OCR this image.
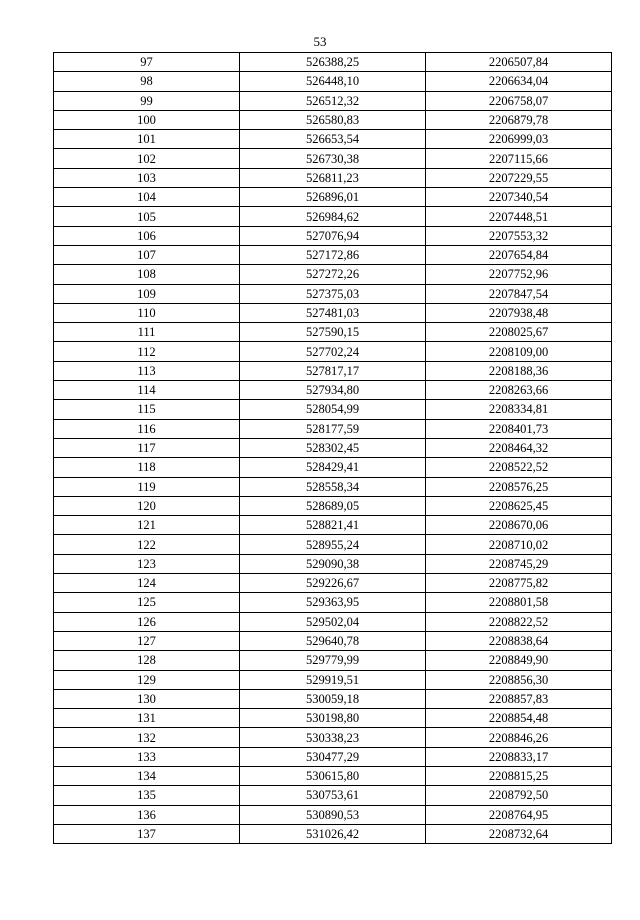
53
97	526388,25	2206507,84
98	526448,10	2206634,04
99	526512,32	2206758,07
100	526580,83	2206879,78
101	526653,54	2206999,03
102	526730,38	2207115,66
103	526811,23	2207229,55
104	526896,01	2207340,54
105	526984,62	2207448,51
106	527076,94	2207553,32
107	527172,86	2207654,84
108	527272,26	2207752,96
109	527375,03	2207847,54
110	527481,03	2207938,48
111	527590,15	2208025,67
112	527702,24	2208109,00
113	527817,17	2208188,36
114	527934,80	2208263,66
115	528054,99	2208334,81
116	528177,59	2208401,73
117	528302,45	2208464,32
118	528429,41	2208522,52
119	528558,34	2208576,25
120	528689,05	2208625,45
121	528821,41	2208670,06
122	528955,24	2208710,02
123	529090,38	2208745,29
124	529226,67	2208775,82
125	529363,95	2208801,58
126	529502,04	2208822,52
127	529640,78	2208838,64
128	529779,99	2208849,90
129	529919,51	2208856,30
130	530059,18	2208857,83
131	530198,80	2208854,48
132	530338,23	2208846,26
133	530477,29	2208833,17
134	530615,80	2208815,25
135	530753,61	2208792,50
136	530890,53	2208764,95
137	531026,42	2208732,64
